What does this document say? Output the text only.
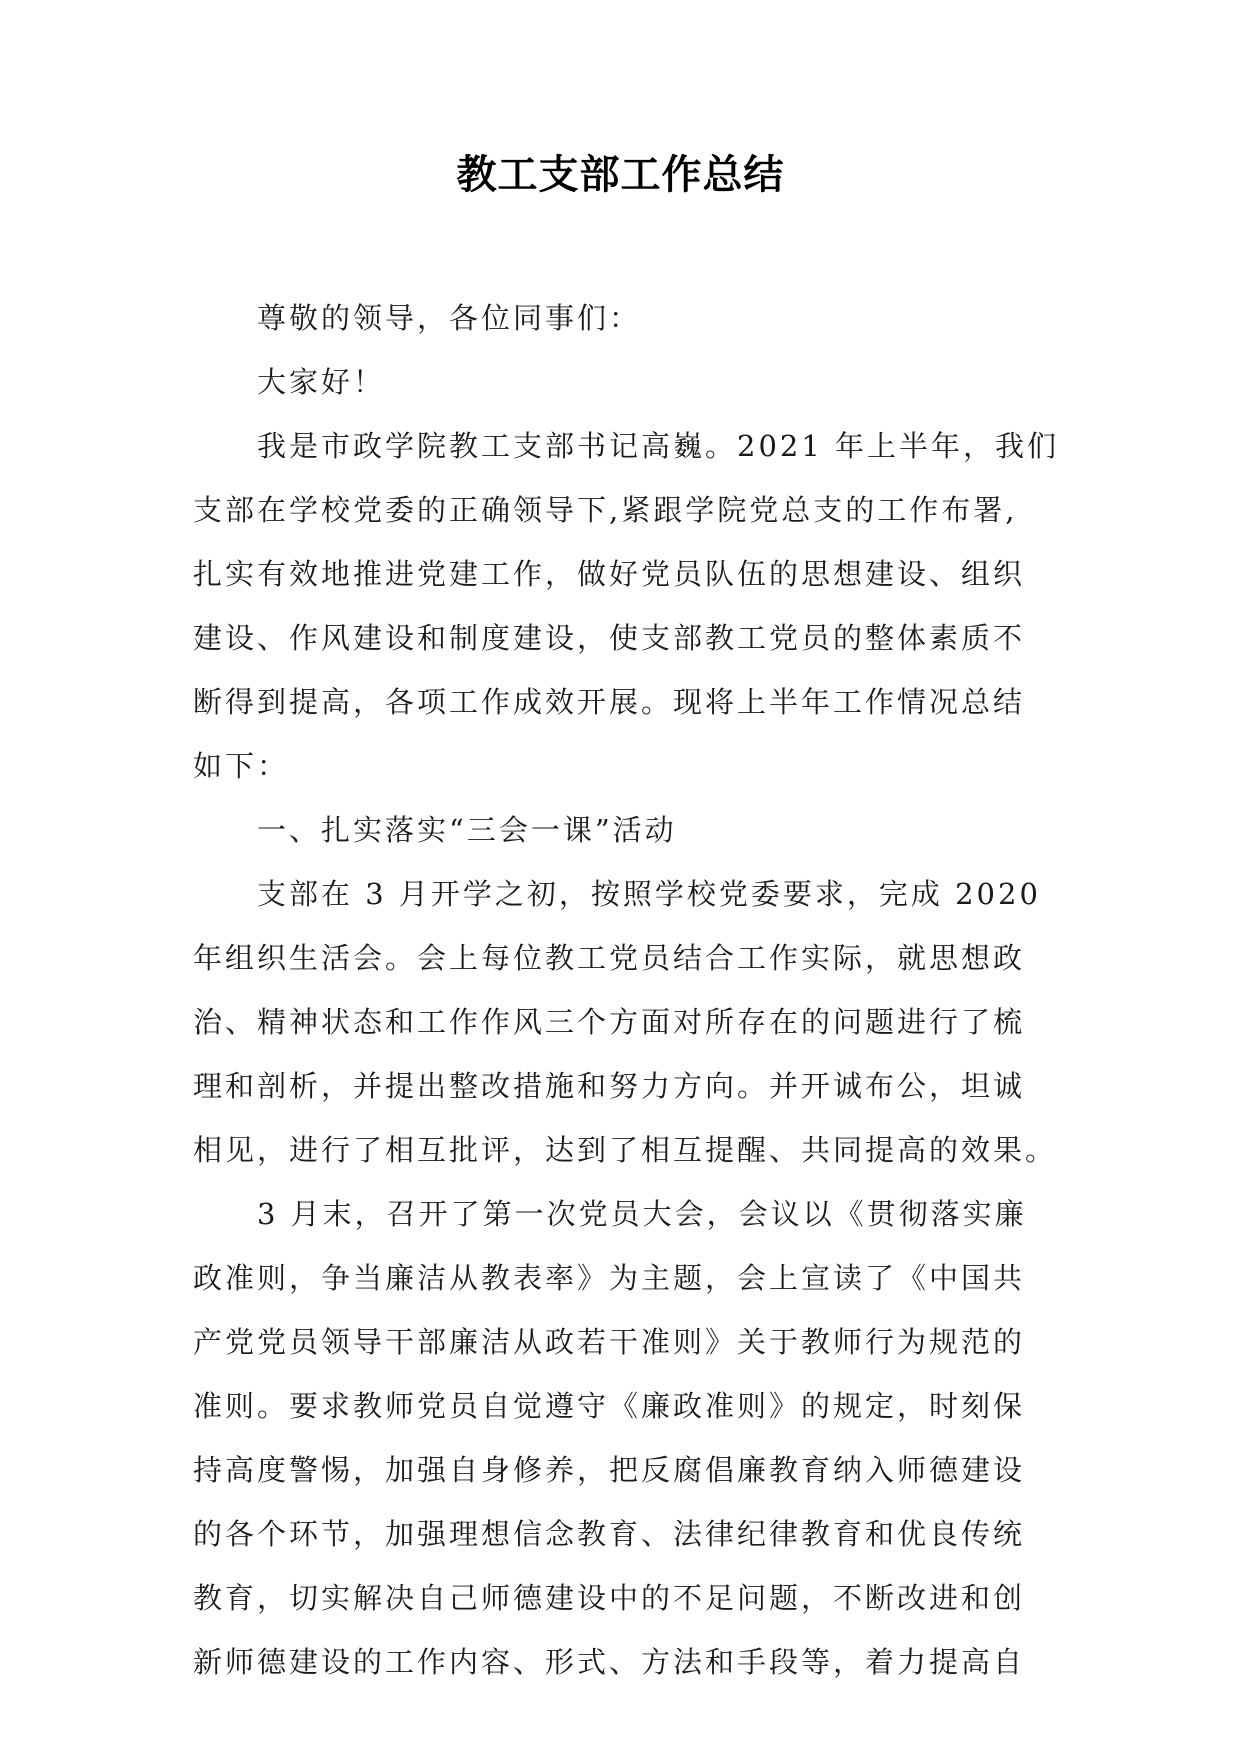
教工支部工作总结
尊敬的领导，各位同事们：
大家好！
我是市政学院教工支部书记高巍。2021 年上半年，我们
支部在学校党委的正确领导下,紧跟学院党总支的工作布署,
扎实有效地推进党建工作，做好党员队伍的思想建设、组织
建设、作风建设和制度建设，使支部教工党员的整体素质不
断得到提高，各项工作成效开展。现将上半年工作情况总结
如下：
一、扎实落实“三会一课”活动
支部在 3 月开学之初，按照学校党委要求，完成 2020
年组织生活会。会上每位教工党员结合工作实际，就思想政
治、精神状态和工作作风三个方面对所存在的问题进行了梳
理和剖析，并提出整改措施和努力方向。并开诚布公，坦诚
相见，进行了相互批评，达到了相互提醒、共同提高的效果。
3 月末，召开了第一次党员大会，会议以《贯彻落实廉
政准则，争当廉洁从教表率》为主题，会上宣读了《中国共
产党党员领导干部廉洁从政若干准则》关于教师行为规范的
准则。要求教师党员自觉遵守《廉政准则》的规定，时刻保
持高度警惕，加强自身修养，把反腐倡廉教育纳入师德建设
的各个环节，加强理想信念教育、法律纪律教育和优良传统
教育，切实解决自己师德建设中的不足问题，不断改进和创
新师德建设的工作内容、形式、方法和手段等，着力提高自
